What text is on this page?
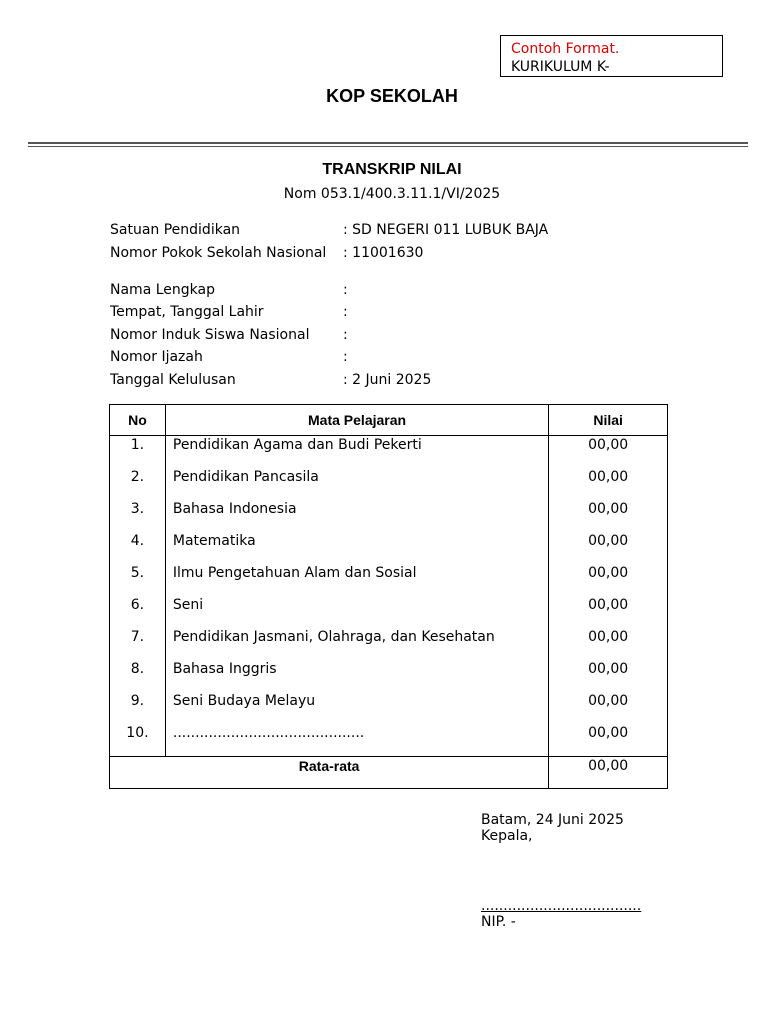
Contoh Format.
KURIKULUM K-
KOP SEKOLAH
TRANSKRIP NILAI
Nom 053.1/400.3.11.1/VI/2025
Satuan Pendidikan	: SD NEGERI 011 LUBUK BAJA
Nomor Pokok Sekolah Nasional	: 11001630
Nama Lengkap	:
Tempat, Tanggal Lahir	:
Nomor Induk Siswa Nasional	:
Nomor Ijazah	:
Tanggal Kelulusan	: 2 Juni 2025
No	Mata Pelajaran	Nilai
1.	Pendidikan Agama dan Budi Pekerti	00,00
2.	Pendidikan Pancasila	00,00
3.	Bahasa Indonesia	00,00
4.	Matematika	00,00
5.	Ilmu Pengetahuan Alam dan Sosial	00,00
6.	Seni	00,00
7.	Pendidikan Jasmani, Olahraga, dan Kesehatan	00,00
8.	Bahasa Inggris	00,00
9.	Seni Budaya Melayu	00,00
10.	...........................................	00,00
Rata-rata		00,00
Batam, 24 Juni 2025
Kepala,
....................................
NIP. -
